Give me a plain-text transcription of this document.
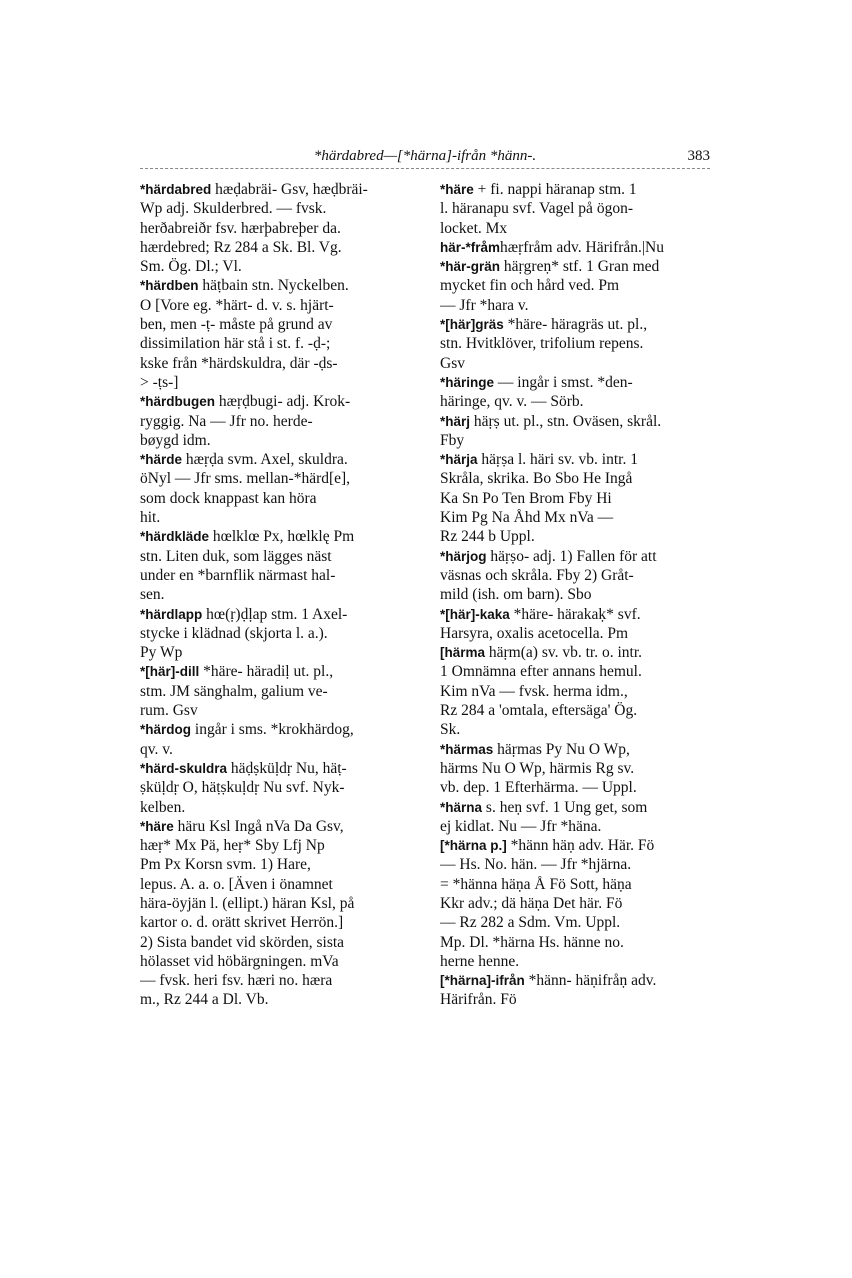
*härdabred—[*härna]-ifrån *hänn-.	383

*härdabred hæḍabräi- Gsv, hæḍbräi-
Wp adj. Skulderbred. — fvsk.
herðabreiðr fsv. hærþabreþer da.
hærdebred; Rz 284 a Sk. Bl. Vg.
Sm. Ög. Dl.; Vl.

*härdben häṭbain stn. Nyckelben.
O [Vore eg. *härt- d. v. s. hjärt-
ben, men -ṭ- måste på grund av
dissimilation här stå i st. f. -ḍ-;
kske från *härdskuldra, där -ḍs-
> -ṭs-]

*härdbugen hæṛḍbugi- adj. Krok-
ryggig. Na — Jfr no. herde-
bøygd idm.

*härde hæṛḍa svm. Axel, skuldra.
öNyl — Jfr sms. mellan-*härd[e],
som dock knappast kan höra
hit.

*härdkläde hœlklœ Px, hœlklę Pm
stn. Liten duk, som lägges näst
under en *barnflik närmast hal-
sen.

*härdlapp hœ(ṛ)ḍḷap stm. 1 Axel-
stycke i klädnad (skjorta l. a.).
Py Wp

*[här]-dill *häre- häradiḷ ut. pl.,
stm. JM sänghalm, galium ve-
rum. Gsv

*härdog ingår i sms. *krokhärdog,
qv. v.

*härd-skuldra häḍṣküḷdṛ Nu, häṭ-
ṣküḷdṛ O, häṭṣkuḷdṛ Nu svf. Nyk-
kelben.

*häre häru Ksl Ingå nVa Da Gsv,
hæṛ* Mx Pä, heṛ* Sby Lfj Np
Pm Px Korsn svm. 1) Hare,
lepus. A. a. o. [Även i önamnet
hära-öyjän l. (ellipt.) häran Ksl, på
kartor o. d. orätt skrivet Herrön.]
2) Sista bandet vid skörden, sista
hölasset vid höbärgningen. mVa
— fvsk. heri fsv. hæri no. hæra
m., Rz 244 a Dl. Vb.

*häre + fi. nappi häranap stm. 1
l. häranapu svf. Vagel på ögon-
locket. Mx

här-*fråmhæṛfråm adv. Härifrån.|Nu

*här-grän häṛgreṇ* stf. 1 Gran med
mycket fin och hård ved. Pm
— Jfr *hara v.

*[här]gräs *häre- häragräs ut. pl.,
stn. Hvitklöver, trifolium repens.
Gsv

*häringe — ingår i smst. *den-
häringe, qv. v. — Sörb.

*härj häṛṣ ut. pl., stn. Oväsen, skrål.
Fby

*härja häṛṣa l. häri sv. vb. intr. 1
Skråla, skrika. Bo Sbo He Ingå
Ka Sn Po Ten Brom Fby Hi
Kim Pg Na Åhd Mx nVa —
Rz 244 b Uppl.

*härjog häṛṣo- adj. 1) Fallen för att
väsnas och skråla. Fby 2) Gråt-
mild (ish. om barn). Sbo

*[här]-kaka *häre- härakaḳ* svf.
Harsyra, oxalis acetocella. Pm

[härma häṛm(a) sv. vb. tr. o. intr.
1 Omnämna efter annans hemul.
Kim nVa — fvsk. herma idm.,
Rz 284 a 'omtala, eftersäga' Ög.
Sk.

*härmas häṛmas Py Nu O Wp,
härms Nu O Wp, härmis Rg sv.
vb. dep. 1 Efterhärma. — Uppl.

*härna s. heṇ svf. 1 Ung get, som
ej kidlat. Nu — Jfr *häna.

[*härna p.] *hänn häṇ adv. Här. Fö
— Hs. No. hän. — Jfr *hjärna.
= *hänna häṇa Å Fö Sott, häṇa
Kkr adv.; dä häṇa Det här. Fö
— Rz 282 a Sdm. Vm. Uppl.
Mp. Dl. *härna Hs. hänne no.
herne henne.

[*härna]-ifrån *hänn- häṇifråṇ adv.
Härifrån. Fö
